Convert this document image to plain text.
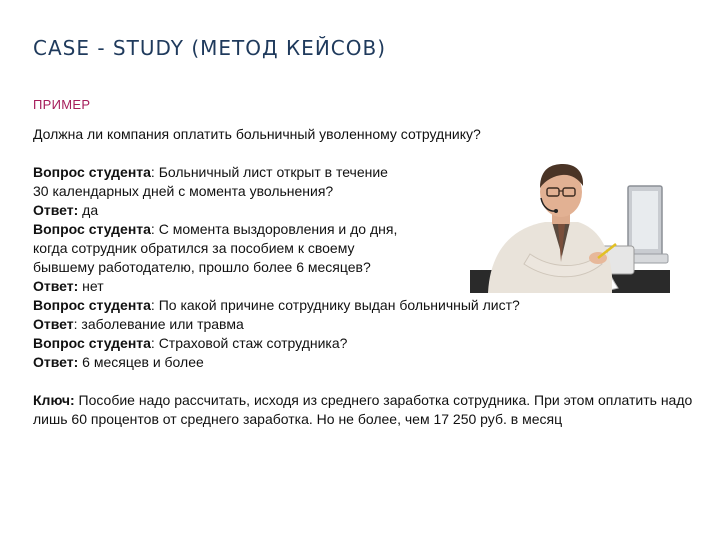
CASE - STUDY (МЕТОД КЕЙСОВ)
ПРИМЕР
Должна ли компания оплатить больничный уволенному сотруднику?
Вопрос студента: Больничный лист открыт в течение
30 календарных дней с момента увольнения?
Ответ: да
Вопрос студента: С момента выздоровления и до дня,
когда сотрудник обратился за пособием к своему
бывшему работодателю, прошло более 6 месяцев?
Ответ: нет
Вопрос студента: По какой причине сотруднику выдан больничный лист?
Ответ: заболевание или травма
Вопрос студента: Страховой стаж сотрудника?
Ответ: 6 месяцев и более
Ключ: Пособие надо рассчитать, исходя из среднего заработка сотрудника. При этом оплатить надо лишь 60 процентов от среднего заработка. Но не более, чем 17 250 руб. в месяц
